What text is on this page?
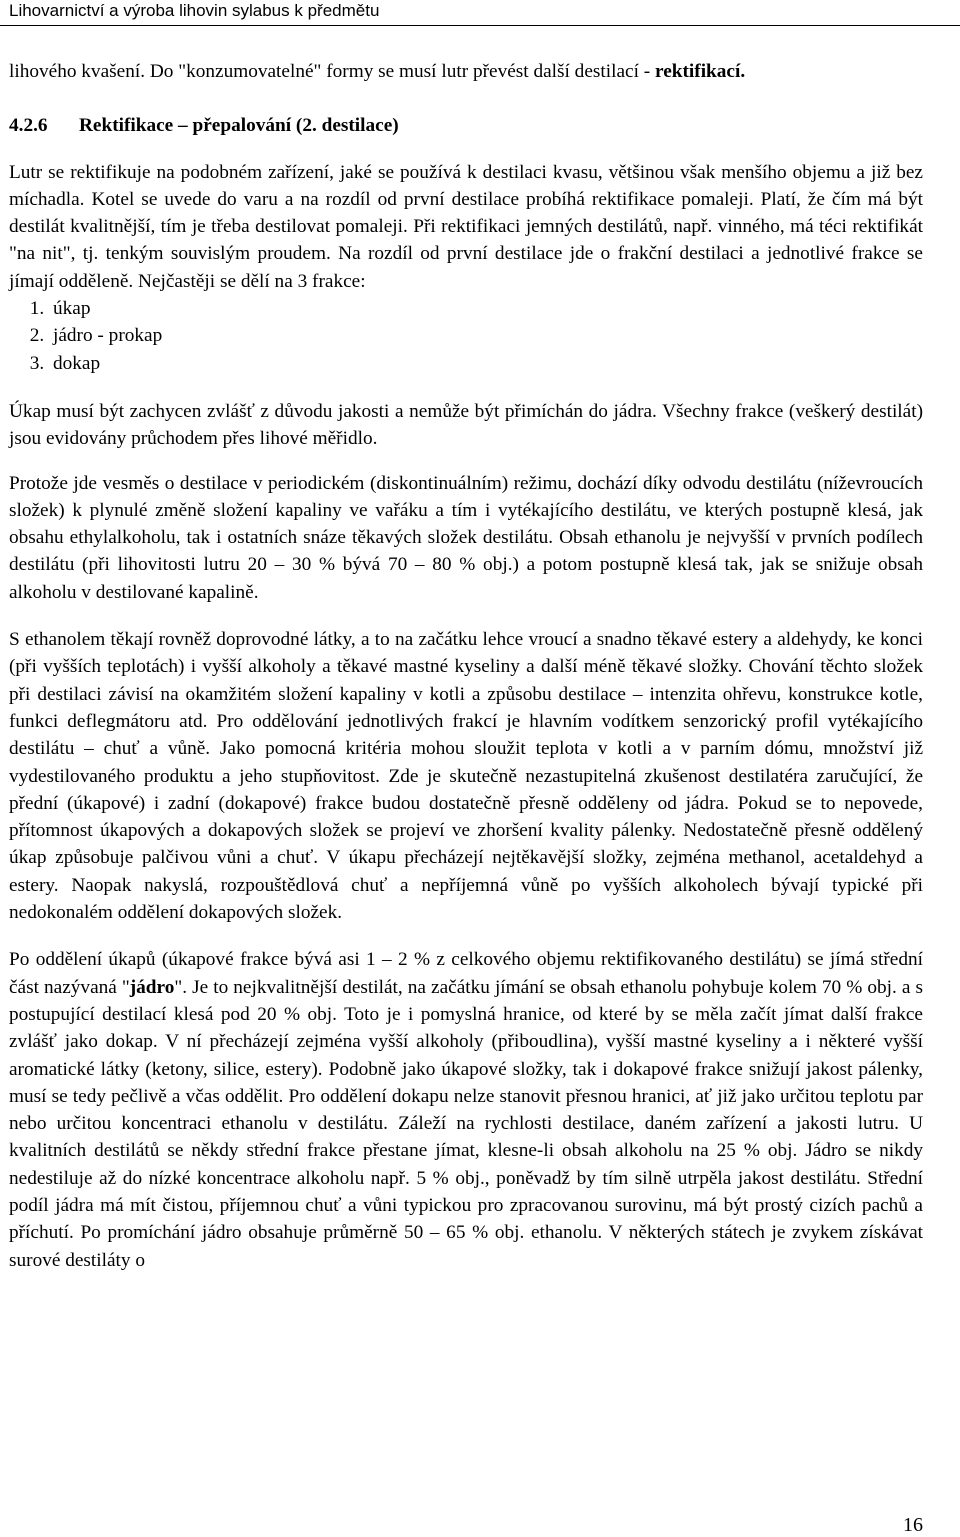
Lihovarnictví a výroba lihovin sylabus k předmětu

lihového kvašení. Do "konzumovatelné" formy se musí lutr převést další destilací - rektifikací.

4.2.6 Rektifikace – přepalování (2. destilace)

Lutr se rektifikuje na podobném zařízení, jaké se používá k destilaci kvasu, většinou však menšího objemu a již bez míchadla. Kotel se uvede do varu a na rozdíl od první destilace probíhá rektifikace pomaleji. Platí, že čím má být destilát kvalitnější, tím je třeba destilovat pomaleji. Při rektifikaci jemných destilátů, např. vinného, má téci rektifikát "na nit", tj. tenkým souvislým proudem. Na rozdíl od první destilace jde o frakční destilaci a jednotlivé frakce se jímají odděleně. Nejčastěji se dělí na 3 frakce:

1. úkap
2. jádro - prokap
3. dokap

Úkap musí být zachycen zvlášť z důvodu jakosti a nemůže být přimíchán do jádra. Všechny frakce (veškerý destilát) jsou evidovány průchodem přes lihové měřidlo.

Protože jde vesměs o destilace v periodickém (diskontinuálním) režimu, dochází díky odvodu destilátu (níževroucích složek) k plynulé změně složení kapaliny ve vařáku a tím i vytékajícího destilátu, ve kterých postupně klesá, jak obsahu ethylalkoholu, tak i ostatních snáze těkavých složek destilátu. Obsah ethanolu je nejvyšší v prvních podílech destilátu (při lihovitosti lutru 20 – 30 % bývá 70 – 80 % obj.) a potom postupně klesá tak, jak se snižuje obsah alkoholu v destilované kapalině.

S ethanolem těkají rovněž doprovodné látky, a to na začátku lehce vroucí a snadno těkavé estery a aldehydy, ke konci (při vyšších teplotách) i vyšší alkoholy a těkavé mastné kyseliny a další méně těkavé složky. Chování těchto složek při destilaci závisí na okamžitém složení kapaliny v kotli a způsobu destilace – intenzita ohřevu, konstrukce kotle, funkci deflegmátoru atd. Pro oddělování jednotlivých frakcí je hlavním vodítkem senzorický profil vytékajícího destilátu – chuť a vůně. Jako pomocná kritéria mohou sloužit teplota v kotli a v parním dómu, množství již vydestilovaného produktu a jeho stupňovitost. Zde je skutečně nezastupitelná zkušenost destilatéra zaručující, že přední (úkapové) i zadní (dokapové) frakce budou dostatečně přesně odděleny od jádra. Pokud se to nepovede, přítomnost úkapových a dokapových složek se projeví ve zhoršení kvality pálenky. Nedostatečně přesně oddělený úkap způsobuje palčivou vůni a chuť. V úkapu přecházejí nejtěkavější složky, zejména methanol, acetaldehyd a estery. Naopak nakyslá, rozpouštědlová chuť a nepříjemná vůně po vyšších alkoholech bývají typické při nedokonalém oddělení dokapových složek.

Po oddělení úkapů (úkapové frakce bývá asi 1 – 2 % z celkového objemu rektifikovaného destilátu) se jímá střední část nazývaná "jádro". Je to nejkvalitnější destilát, na začátku jímání se obsah ethanolu pohybuje kolem 70 % obj. a s postupující destilací klesá pod 20 % obj. Toto je i pomyslná hranice, od které by se měla začít jímat další frakce zvlášť jako dokap. V ní přecházejí zejména vyšší alkoholy (přiboudlina), vyšší mastné kyseliny a i některé vyšší aromatické látky (ketony, silice, estery). Podobně jako úkapové složky, tak i dokapové frakce snižují jakost pálenky, musí se tedy pečlivě a včas oddělit. Pro oddělení dokapu nelze stanovit přesnou hranici, ať již jako určitou teplotu par nebo určitou koncentraci ethanolu v destilátu. Záleží na rychlosti destilace, daném zařízení a jakosti lutru. U kvalitních destilátů se někdy střední frakce přestane jímat, klesne-li obsah alkoholu na 25 % obj. Jádro se nikdy nedestiluje až do nízké koncentrace alkoholu např. 5 % obj., poněvadž by tím silně utrpěla jakost destilátu. Střední podíl jádra má mít čistou, příjemnou chuť a vůni typickou pro zpracovanou surovinu, má být prostý cizích pachů a příchutí. Po promíchání jádro obsahuje průměrně 50 – 65 % obj. ethanolu. V některých státech je zvykem získávat surové destiláty o

16
